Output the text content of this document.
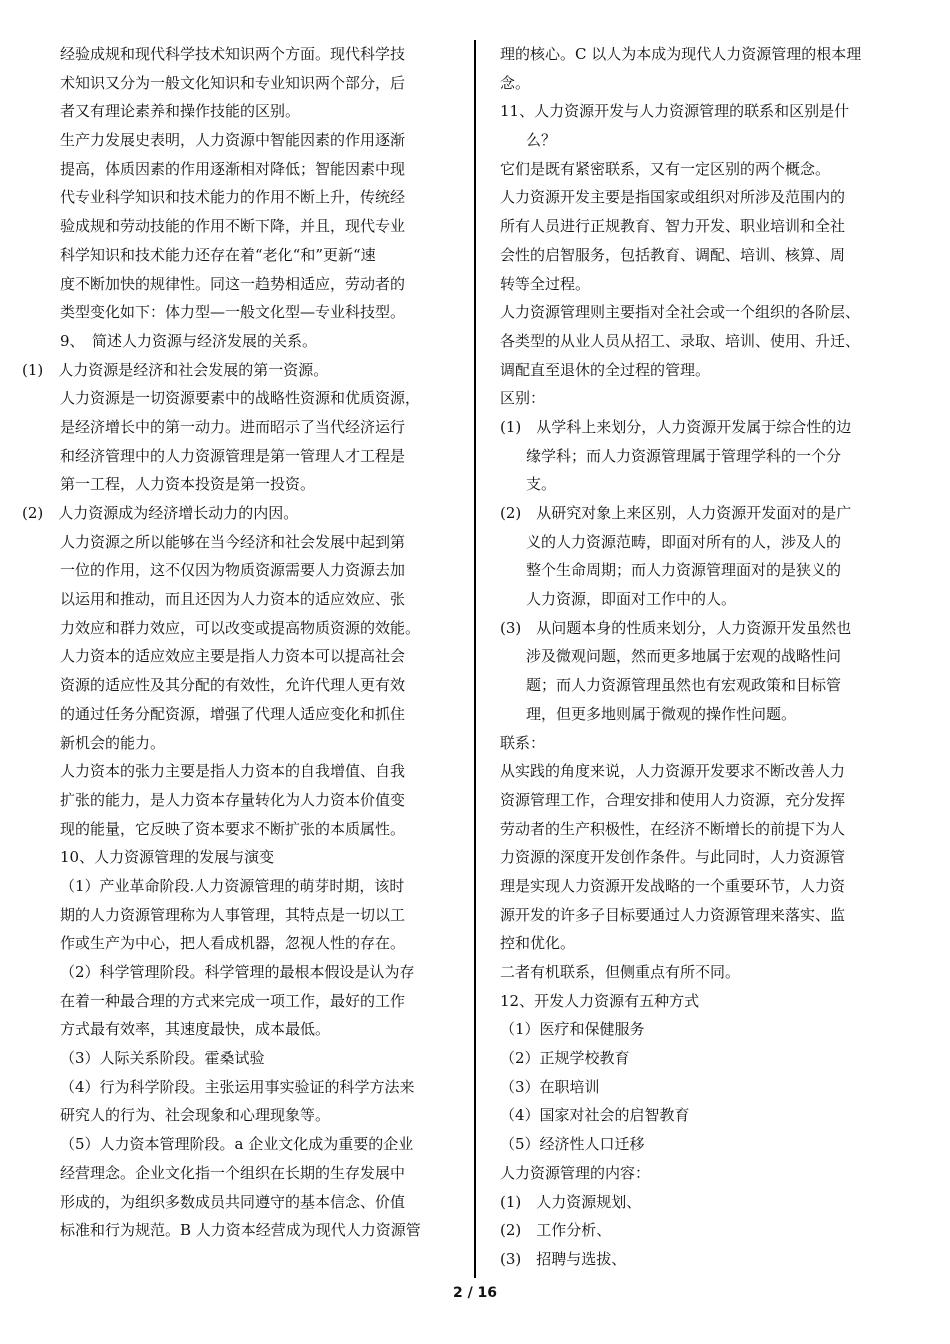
经验成规和现代科学技术知识两个方面。现代科学技
术知识又分为一般文化知识和专业知识两个部分，后
者又有理论素养和操作技能的区别。
生产力发展史表明，人力资源中智能因素的作用逐渐
提高，体质因素的作用逐渐相对降低；智能因素中现
代专业科学知识和技术能力的作用不断上升，传统经
验成规和劳动技能的作用不断下降，并且，现代专业
科学知识和技术能力还存在着“老化“和”更新“速
度不断加快的规律性。同这一趋势相适应，劳动者的
类型变化如下：体力型—一般文化型—专业科技型。
9、　简述人力资源与经济发展的关系。
(1)　人力资源是经济和社会发展的第一资源。
人力资源是一切资源要素中的战略性资源和优质资源，
是经济增长中的第一动力。进而昭示了当代经济运行
和经济管理中的人力资源管理是第一管理人才工程是
第一工程，人力资本投资是第一投资。
(2)　人力资源成为经济增长动力的内因。
人力资源之所以能够在当今经济和社会发展中起到第
一位的作用，这不仅因为物质资源需要人力资源去加
以运用和推动，而且还因为人力资本的适应效应、张
力效应和群力效应，可以改变或提高物质资源的效能。
人力资本的适应效应主要是指人力资本可以提高社会
资源的适应性及其分配的有效性，允许代理人更有效
的通过任务分配资源，增强了代理人适应变化和抓住
新机会的能力。
人力资本的张力主要是指人力资本的自我增值、自我
扩张的能力，是人力资本存量转化为人力资本价值变
现的能量，它反映了资本要求不断扩张的本质属性。
10、人力资源管理的发展与演变
（1）产业革命阶段.人力资源管理的萌芽时期，该时
期的人力资源管理称为人事管理，其特点是一切以工
作或生产为中心，把人看成机器，忽视人性的存在。
（2）科学管理阶段。科学管理的最根本假设是认为存
在着一种最合理的方式来完成一项工作，最好的工作
方式最有效率，其速度最快，成本最低。
（3）人际关系阶段。霍桑试验
（4）行为科学阶段。主张运用事实验证的科学方法来
研究人的行为、社会现象和心理现象等。
（5）人力资本管理阶段。a 企业文化成为重要的企业
经营理念。企业文化指一个组织在长期的生存发展中
形成的，为组织多数成员共同遵守的基本信念、价值
标准和行为规范。B 人力资本经营成为现代人力资源管
理的核心。C 以人为本成为现代人力资源管理的根本理
念。
11、人力资源开发与人力资源管理的联系和区别是什
么？
它们是既有紧密联系，又有一定区别的两个概念。
人力资源开发主要是指国家或组织对所涉及范围内的
所有人员进行正规教育、智力开发、职业培训和全社
会性的启智服务，包括教育、调配、培训、核算、周
转等全过程。
人力资源管理则主要指对全社会或一个组织的各阶层、
各类型的从业人员从招工、录取、培训、使用、升迁、
调配直至退休的全过程的管理。
区别：
(1)　从学科上来划分，人力资源开发属于综合性的边
缘学科；而人力资源管理属于管理学科的一个分
支。
(2)　从研究对象上来区别，人力资源开发面对的是广
义的人力资源范畴，即面对所有的人，涉及人的
整个生命周期；而人力资源管理面对的是狭义的
人力资源，即面对工作中的人。
(3)　从问题本身的性质来划分，人力资源开发虽然也
涉及微观问题，然而更多地属于宏观的战略性问
题；而人力资源管理虽然也有宏观政策和目标管
理，但更多地则属于微观的操作性问题。
联系：
从实践的角度来说，人力资源开发要求不断改善人力
资源管理工作，合理安排和使用人力资源，充分发挥
劳动者的生产积极性，在经济不断增长的前提下为人
力资源的深度开发创作条件。与此同时，人力资源管
理是实现人力资源开发战略的一个重要环节，人力资
源开发的许多子目标要通过人力资源管理来落实、监
控和优化。
二者有机联系，但侧重点有所不同。
12、开发人力资源有五种方式
（1）医疗和保健服务
（2）正规学校教育
（3）在职培训
（4）国家对社会的启智教育
（5）经济性人口迁移
人力资源管理的内容：
(1)　人力资源规划、
(2)　工作分析、
(3)　招聘与选拔、
2 / 16
